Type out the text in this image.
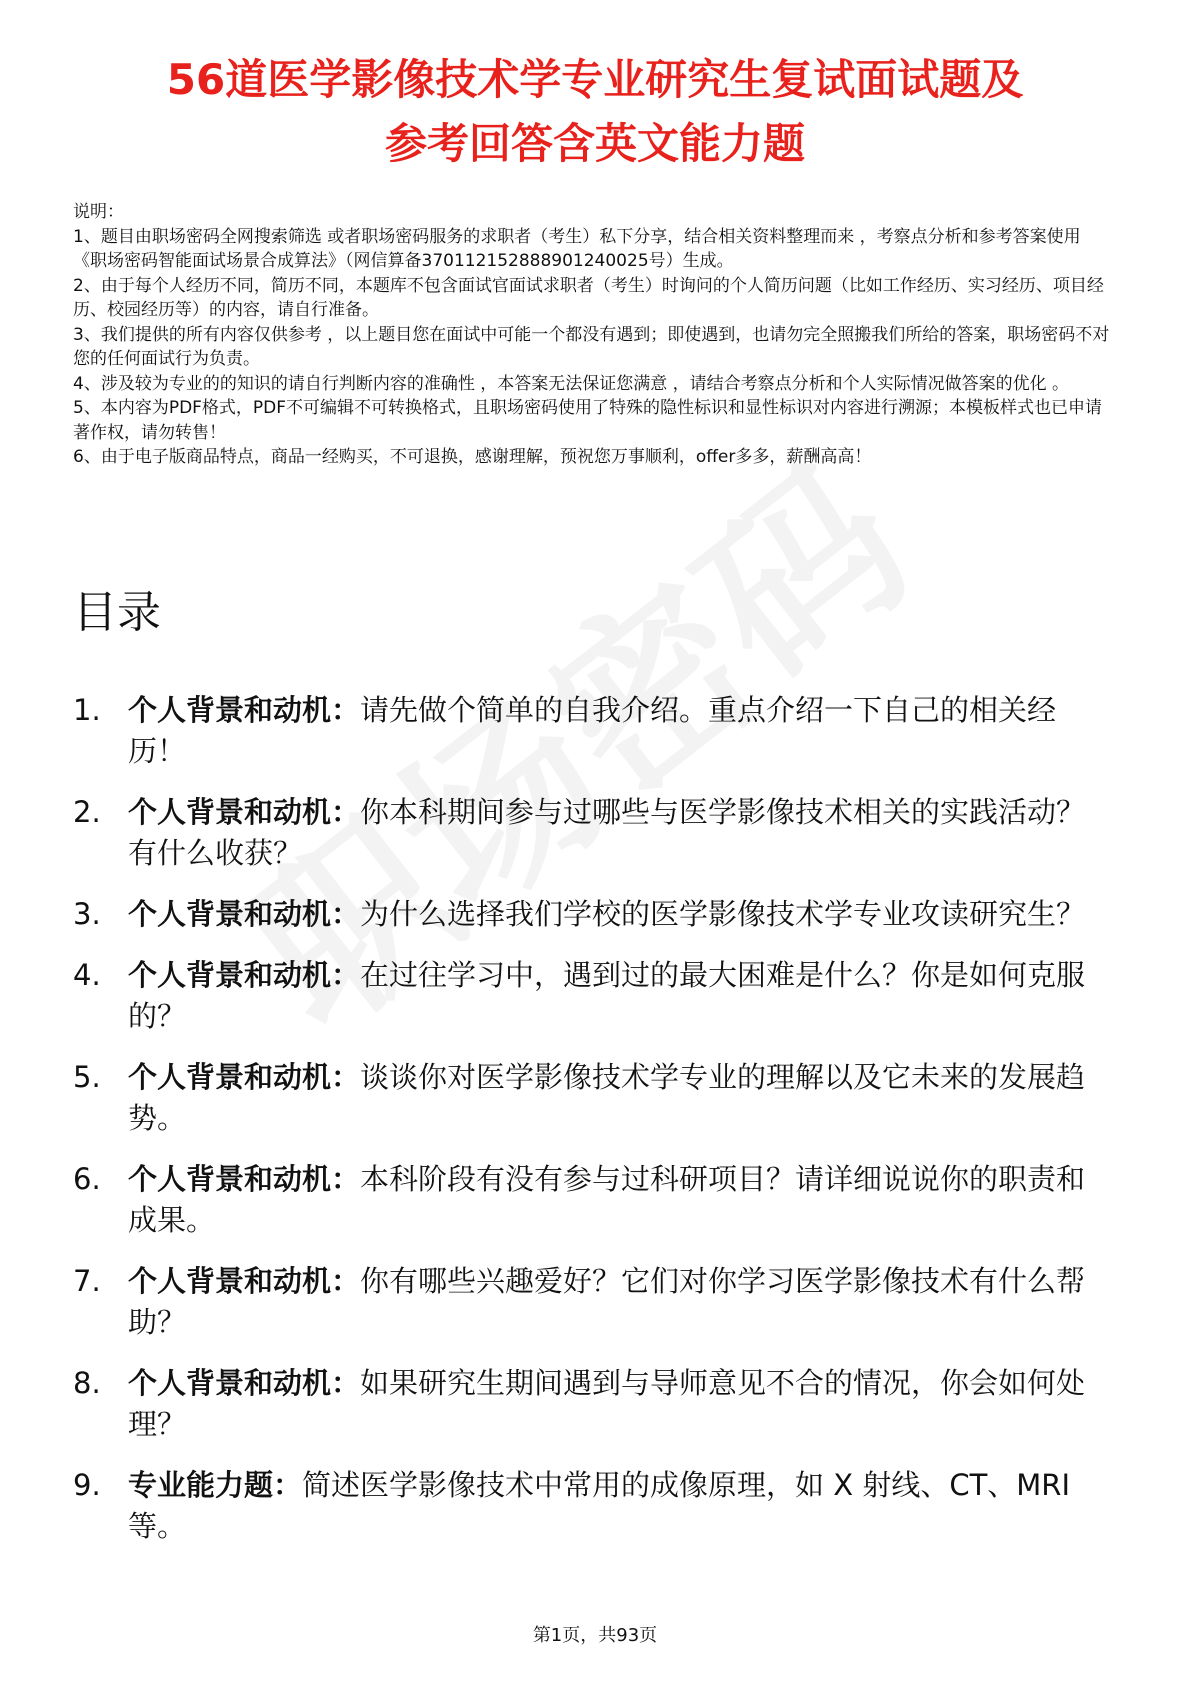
56道医学影像技术学专业研究生复试面试题及
参考回答含英文能力题

说明：

1、题目由职场密码全网搜索筛选 或者职场密码服务的求职者（考生）私下分享，结合相关资料整理而来 ，考察点分析和参考答案使用《职场密码智能面试场景合成算法》（网信算备370112152888901240025号）生成。

2、由于每个人经历不同，简历不同，本题库不包含面试官面试求职者（考生）时询问的个人简历问题（比如工作经历、实习经历、项目经历、校园经历等）的内容，请自行准备。

3、我们提供的所有内容仅供参考 ，以上题目您在面试中可能一个都没有遇到；即使遇到，也请勿完全照搬我们所给的答案，职场密码不对您的任何面试行为负责。

4、涉及较为专业的的知识的请自行判断内容的准确性 ，本答案无法保证您满意 ，请结合考察点分析和个人实际情况做答案的优化 。

5、本内容为PDF格式，PDF不可编辑不可转换格式，且职场密码使用了特殊的隐性标识和显性标识对内容进行溯源；本模板样式也已申请著作权，请勿转售！

6、由于电子版商品特点，商品一经购买，不可退换，感谢理解，预祝您万事顺利，offer多多，薪酬高高！

目录
1. 个人背景和动机：请先做个简单的自我介绍。重点介绍一下自己的相关经历！
2. 个人背景和动机：你本科期间参与过哪些与医学影像技术相关的实践活动？有什么收获？
3. 个人背景和动机：为什么选择我们学校的医学影像技术学专业攻读研究生？
4. 个人背景和动机：在过往学习中，遇到过的最大困难是什么？你是如何克服的？
5. 个人背景和动机：谈谈你对医学影像技术学专业的理解以及它未来的发展趋势。
6. 个人背景和动机：本科阶段有没有参与过科研项目？请详细说说你的职责和成果。
7. 个人背景和动机：你有哪些兴趣爱好？它们对你学习医学影像技术有什么帮助？
8. 个人背景和动机：如果研究生期间遇到与导师意见不合的情况，你会如何处理？
9. 专业能力题：简述医学影像技术中常用的成像原理，如 X 射线、CT、MRI 等。
第1页，共93页
